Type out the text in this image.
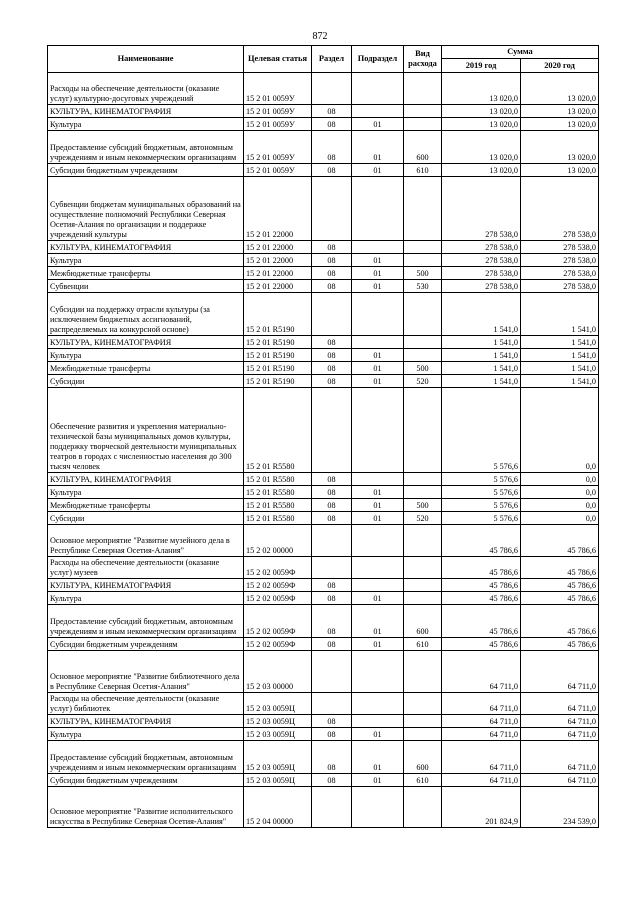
872
Наименование	Целевая статья	Раздел	Подраздел	Вид расхода	Сумма	
					2019 год	2020 год
Расходы на обеспечение деятельности (оказание услуг) культурно-досуговых учреждений	15 2 01 0059У				13 020,0	13 020,0
КУЛЬТУРА, КИНЕМАТОГРАФИЯ	15 2 01 0059У	08			13 020,0	13 020,0
Культура	15 2 01 0059У	08	01		13 020,0	13 020,0
Предоставление субсидий бюджетным, автономным учреждениям и иным некоммерческим организациям	15 2 01 0059У	08	01	600	13 020,0	13 020,0
Субсидии бюджетным учреждениям	15 2 01 0059У	08	01	610	13 020,0	13 020,0
Субвенции бюджетам муниципальных образований на осуществление полномочий Республики Северная Осетия-Алания по организации и поддержке учреждений культуры	15 2 01 22000				278 538,0	278 538,0
КУЛЬТУРА, КИНЕМАТОГРАФИЯ	15 2 01 22000	08			278 538,0	278 538,0
Культура	15 2 01 22000	08	01		278 538,0	278 538,0
Межбюджетные трансферты	15 2 01 22000	08	01	500	278 538,0	278 538,0
Субвенции	15 2 01 22000	08	01	530	278 538,0	278 538,0
Субсидии на поддержку отрасли культуры (за исключением бюджетных ассигнований, распределяемых на конкурсной основе)	15 2 01 R5190				1 541,0	1 541,0
КУЛЬТУРА, КИНЕМАТОГРАФИЯ	15 2 01 R5190	08			1 541,0	1 541,0
Культура	15 2 01 R5190	08	01		1 541,0	1 541,0
Межбюджетные трансферты	15 2 01 R5190	08	01	500	1 541,0	1 541,0
Субсидии	15 2 01 R5190	08	01	520	1 541,0	1 541,0
Обеспечение развития и укрепления материально-технической базы муниципальных домов культуры, поддержку творческой деятельности муниципальных театров в городах с численностью населения до 300 тысяч человек	15 2 01 R5580				5 576,6	0,0
КУЛЬТУРА, КИНЕМАТОГРАФИЯ	15 2 01 R5580	08			5 576,6	0,0
Культура	15 2 01 R5580	08	01		5 576,6	0,0
Межбюджетные трансферты	15 2 01 R5580	08	01	500	5 576,6	0,0
Субсидии	15 2 01 R5580	08	01	520	5 576,6	0,0
Основное мероприятие "Развитие музейного дела в Республике Северная Осетия-Алания"	15 2 02 00000				45 786,6	45 786,6
Расходы на обеспечение деятельности (оказание услуг) музеев	15 2 02 0059Ф				45 786,6	45 786,6
КУЛЬТУРА, КИНЕМАТОГРАФИЯ	15 2 02 0059Ф	08			45 786,6	45 786,6
Культура	15 2 02 0059Ф	08	01		45 786,6	45 786,6
Предоставление субсидий бюджетным, автономным учреждениям и иным некоммерческим организациям	15 2 02 0059Ф	08	01	600	45 786,6	45 786,6
Субсидии бюджетным учреждениям	15 2 02 0059Ф	08	01	610	45 786,6	45 786,6
Основное мероприятие "Развитие библиотечного дела в Республике Северная Осетия-Алания"	15 2 03 00000				64 711,0	64 711,0
Расходы на обеспечение деятельности (оказание услуг) библиотек	15 2 03 0059Ц				64 711,0	64 711,0
КУЛЬТУРА, КИНЕМАТОГРАФИЯ	15 2 03 0059Ц	08			64 711,0	64 711,0
Культура	15 2 03 0059Ц	08	01		64 711,0	64 711,0
Предоставление субсидий бюджетным, автономным учреждениям и иным некоммерческим организациям	15 2 03 0059Ц	08	01	600	64 711,0	64 711,0
Субсидии бюджетным учреждениям	15 2 03 0059Ц	08	01	610	64 711,0	64 711,0
Основное мероприятие "Развитие исполнительского искусства в Республике Северная Осетия-Алания"	15 2 04 00000				201 824,9	234 539,0
